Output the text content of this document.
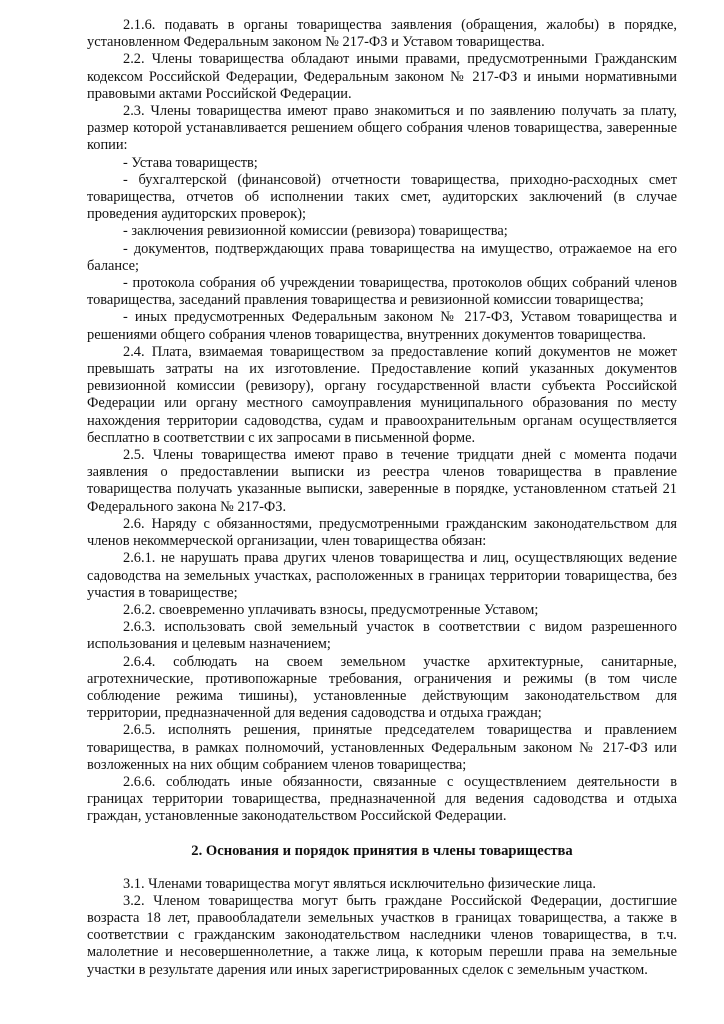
2.1.6. подавать в органы товарищества заявления (обращения, жалобы) в порядке, установленном Федеральным законом № 217-ФЗ и Уставом товарищества.

2.2. Члены товарищества обладают иными правами, предусмотренными Гражданским кодексом Российской Федерации, Федеральным законом № 217-ФЗ и иными нормативными правовыми актами Российской Федерации.

2.3. Члены товарищества имеют право знакомиться и по заявлению получать за плату, размер которой устанавливается решением общего собрания членов товарищества, заверенные копии:

- Устава товарищеcтв;

- бухгалтерской (финансовой) отчетности товарищества, приходно-расходных смет товарищества, отчетов об исполнении таких смет, аудиторских заключений (в случае проведения аудиторских проверок);

- заключения ревизионной комиссии (ревизора) товарищества;

- документов, подтверждающих права товарищества на имущество, отражаемое на его балансе;

- протокола собрания об учреждении товарищества, протоколов общих собраний членов товарищества, заседаний правления товарищества и ревизионной комиссии товарищества;

- иных предусмотренных Федеральным законом № 217-ФЗ, Уставом товарищества и решениями общего собрания членов товарищества, внутренних документов товарищества.

2.4. Плата, взимаемая товариществом за предоставление копий документов не может превышать затраты на их изготовление. Предоставление копий указанных документов ревизионной комиссии (ревизору), органу государственной власти субъекта Российской Федерации или органу местного самоуправления муниципального образования по месту нахождения территории садоводства, судам и правоохранительным органам осуществляется бесплатно в соответствии с их запросами в письменной форме.

2.5. Члены товарищества имеют право в течение тридцати дней с момента подачи заявления о предоставлении выписки из реестра членов товарищества в правление товарищества получать указанные выписки, заверенные в порядке, установленном статьей 21 Федерального закона № 217-ФЗ.

2.6. Наряду с обязанностями, предусмотренными гражданским законодательством для членов некоммерческой организации, член товарищества обязан:

2.6.1. не нарушать права других членов товарищества и лиц, осуществляющих ведение садоводства на земельных участках, расположенных в границах территории товарищества, без участия в товариществе;

2.6.2. своевременно уплачивать взносы, предусмотренные Уставом;

2.6.3. использовать свой земельный участок в соответствии с видом разрешенного использования и целевым назначением;

2.6.4. соблюдать на своем земельном участке архитектурные, санитарные, агротехнические, противопожарные требования, ограничения и режимы (в том числе соблюдение режима тишины), установленные действующим законодательством для территории, предназначенной для ведения садоводства и отдыха граждан;

2.6.5. исполнять решения, принятые председателем товарищества и правлением товарищества, в рамках полномочий, установленных Федеральным законом № 217-ФЗ или возложенных на них общим собранием членов товарищества;

2.6.6. соблюдать иные обязанности, связанные с осуществлением деятельности в границах территории товарищества, предназначенной для ведения садоводства и отдыха граждан, установленные законодательством Российской Федерации.

2. Основания и порядок принятия в члены товарищества

3.1. Членами товарищества могут являться исключительно физические лица.

3.2. Членом товарищества могут быть граждане Российской Федерации, достигшие возраста 18 лет, правообладатели земельных участков в границах товарищества, а также в соответствии с гражданским законодательством наследники членов товарищества, в т.ч. малолетние и несовершеннолетние, а также лица, к которым перешли права на земельные участки в результате дарения или иных зарегистрированных сделок с земельным участком.
